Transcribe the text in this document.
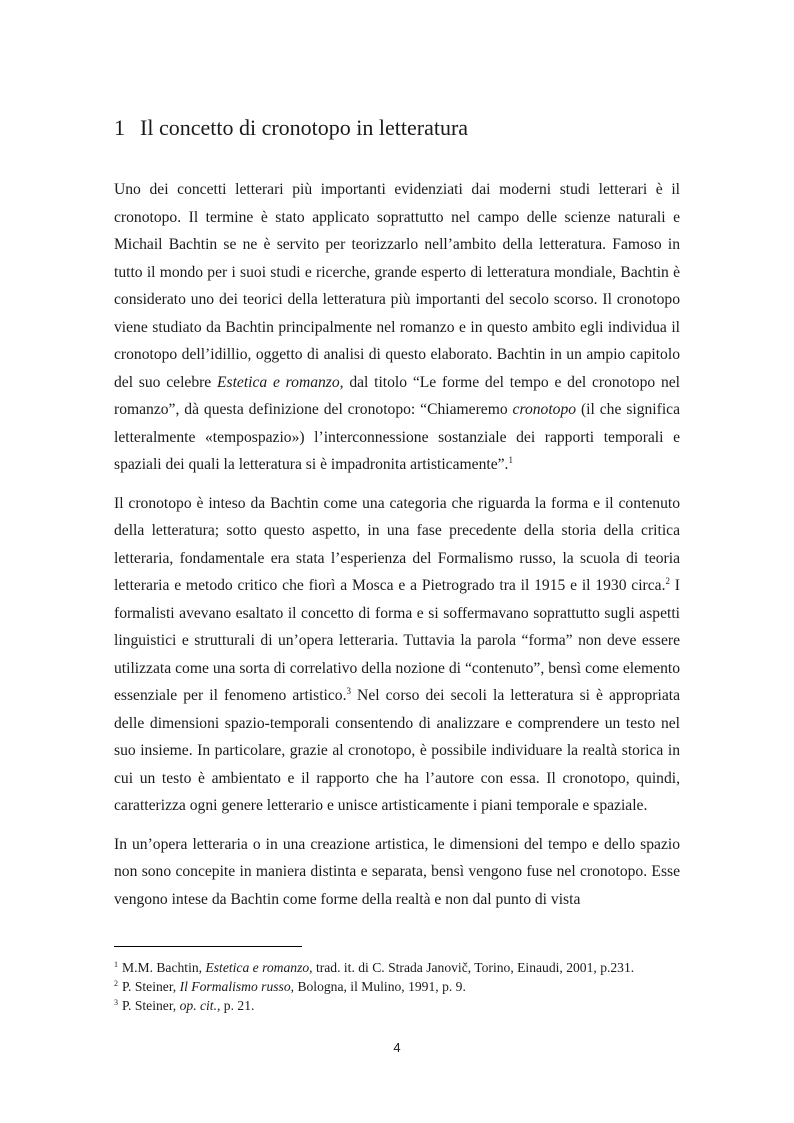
1 Il concetto di cronotopo in letteratura

Uno dei concetti letterari più importanti evidenziati dai moderni studi letterari è il cronotopo. Il termine è stato applicato soprattutto nel campo delle scienze naturali e Michail Bachtin se ne è servito per teorizzarlo nell’ambito della letteratura. Famoso in tutto il mondo per i suoi studi e ricerche, grande esperto di letteratura mondiale, Bachtin è considerato uno dei teorici della letteratura più importanti del secolo scorso. Il cronotopo viene studiato da Bachtin principalmente nel romanzo e in questo ambito egli individua il cronotopo dell’idillio, oggetto di analisi di questo elaborato. Bachtin in un ampio capitolo del suo celebre Estetica e romanzo, dal titolo “Le forme del tempo e del cronotopo nel romanzo”, dà questa definizione del cronotopo: “Chiameremo cronotopo (il che significa letteralmente «tempospazio») l’interconnessione sostanziale dei rapporti temporali e spaziali dei quali la letteratura si è impadronita artisticamente”.$^1$

Il cronotopo è inteso da Bachtin come una categoria che riguarda la forma e il contenuto della letteratura; sotto questo aspetto, in una fase precedente della storia della critica letteraria, fondamentale era stata l’esperienza del Formalismo russo, la scuola di teoria letteraria e metodo critico che fiorì a Mosca e a Pietrogrado tra il 1915 e il 1930 circa.$^2$ I formalisti avevano esaltato il concetto di forma e si soffermavano soprattutto sugli aspetti linguistici e strutturali di un’opera letteraria. Tuttavia la parola “forma” non deve essere utilizzata come una sorta di correlativo della nozione di “contenuto”, bensì come elemento essenziale per il fenomeno artistico.$^3$ Nel corso dei secoli la letteratura si è appropriata delle dimensioni spazio-temporali consentendo di analizzare e comprendere un testo nel suo insieme. In particolare, grazie al cronotopo, è possibile individuare la realtà storica in cui un testo è ambientato e il rapporto che ha l’autore con essa. Il cronotopo, quindi, caratterizza ogni genere letterario e unisce artisticamente i piani temporale e spaziale.

In un’opera letteraria o in una creazione artistica, le dimensioni del tempo e dello spazio non sono concepite in maniera distinta e separata, bensì vengono fuse nel cronotopo. Esse vengono intese da Bachtin come forme della realtà e non dal punto di vista

$^1$ M.M. Bachtin, Estetica e romanzo, trad. it. di C. Strada Janovič, Torino, Einaudi, 2001, p.231.
$^2$ P. Steiner, Il Formalismo russo, Bologna, il Mulino, 1991, p. 9.
$^3$ P. Steiner, op. cit., p. 21.
4
